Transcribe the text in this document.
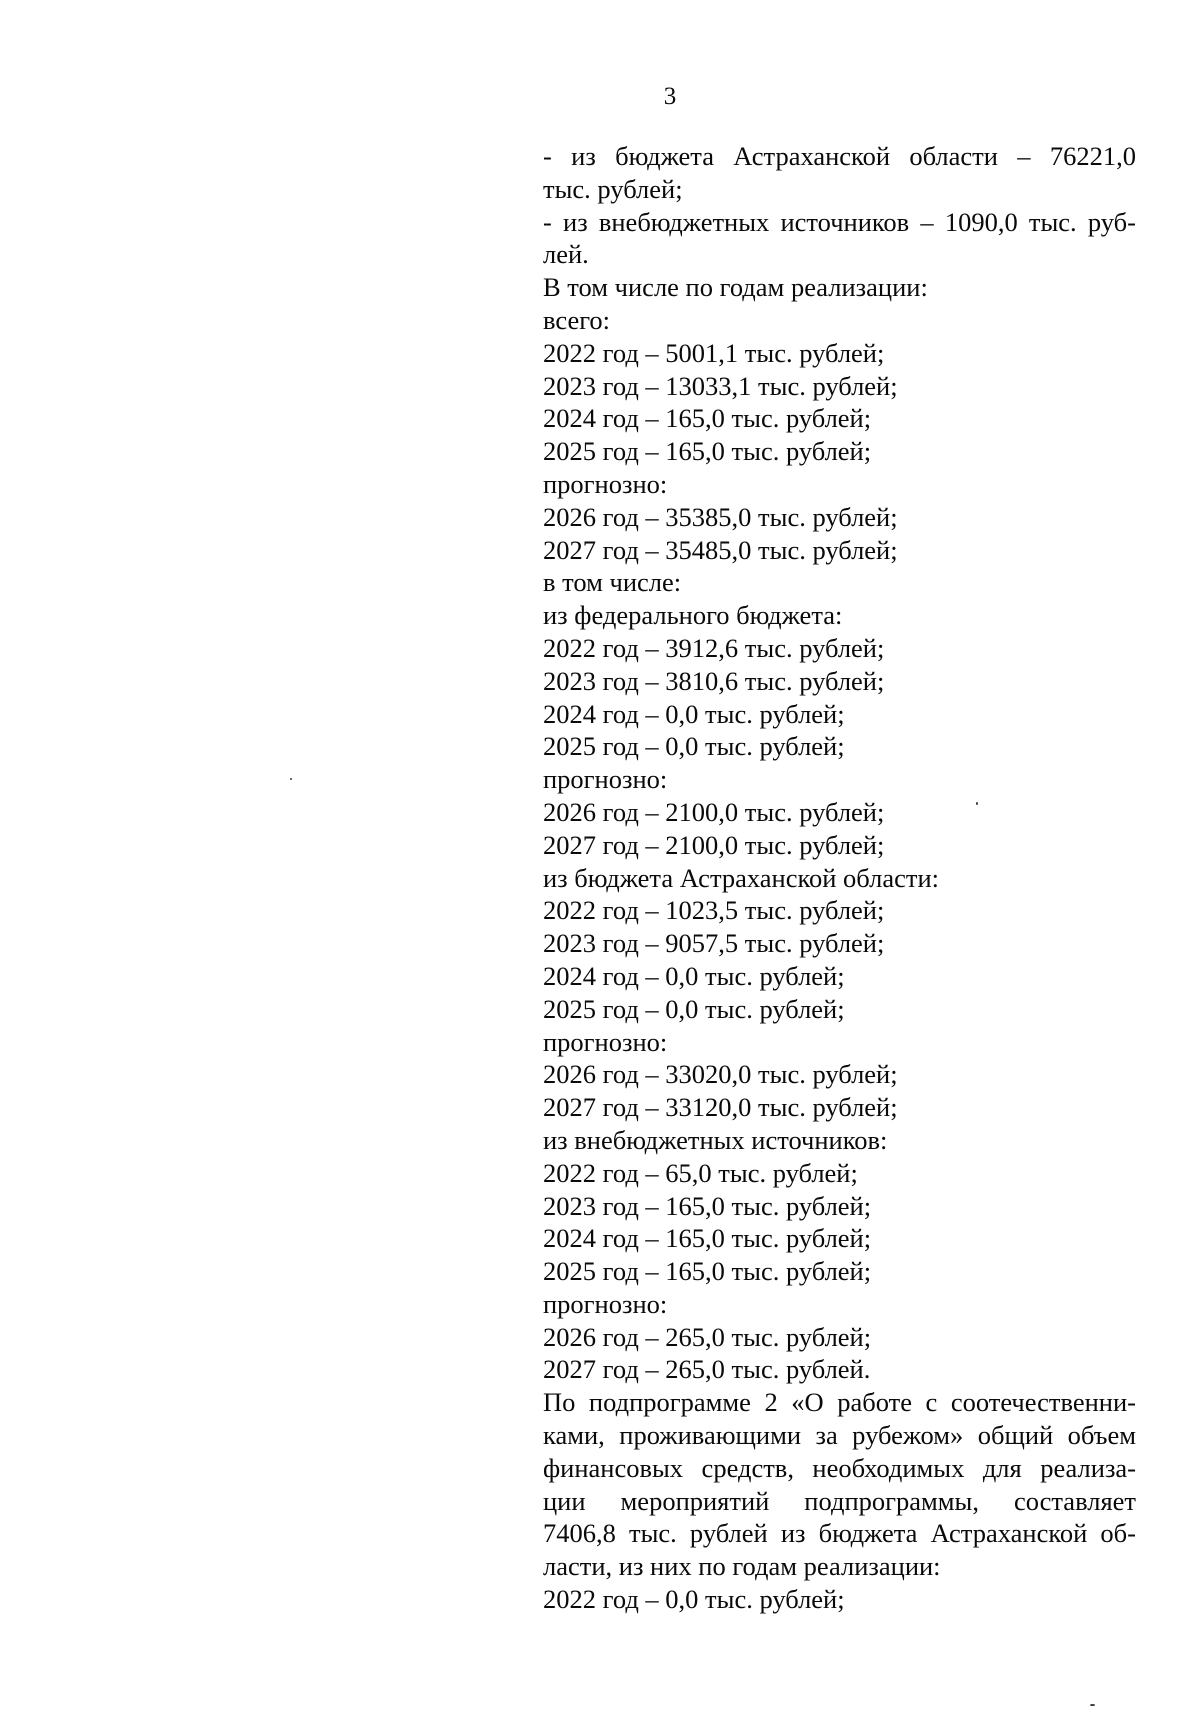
3
- из бюджета Астраханской области – 76221,0
тыс. рублей;
- из внебюджетных источников – 1090,0 тыс. руб-
лей.
В том числе по годам реализации:
всего:
2022 год – 5001,1 тыс. рублей;
2023 год – 13033,1 тыс. рублей;
2024 год – 165,0 тыс. рублей;
2025 год – 165,0 тыс. рублей;
прогнозно:
2026 год – 35385,0 тыс. рублей;
2027 год – 35485,0 тыс. рублей;
в том числе:
из федерального бюджета:
2022 год – 3912,6 тыс. рублей;
2023 год – 3810,6 тыс. рублей;
2024 год – 0,0 тыс. рублей;
2025 год – 0,0 тыс. рублей;
прогнозно:
2026 год – 2100,0 тыс. рублей;
2027 год – 2100,0 тыс. рублей;
из бюджета Астраханской области:
2022 год – 1023,5 тыс. рублей;
2023 год – 9057,5 тыс. рублей;
2024 год – 0,0 тыс. рублей;
2025 год – 0,0 тыс. рублей;
прогнозно:
2026 год – 33020,0 тыс. рублей;
2027 год – 33120,0 тыс. рублей;
из внебюджетных источников:
2022 год – 65,0 тыс. рублей;
2023 год – 165,0 тыс. рублей;
2024 год – 165,0 тыс. рублей;
2025 год – 165,0 тыс. рублей;
прогнозно:
2026 год – 265,0 тыс. рублей;
2027 год – 265,0 тыс. рублей.
По подпрограмме 2 «О работе с соотечественни-
ками, проживающими за рубежом» общий объем
финансовых средств, необходимых для реализа-
ции мероприятий подпрограммы, составляет
7406,8 тыс. рублей из бюджета Астраханской об-
ласти, из них по годам реализации:
2022 год – 0,0 тыс. рублей;
